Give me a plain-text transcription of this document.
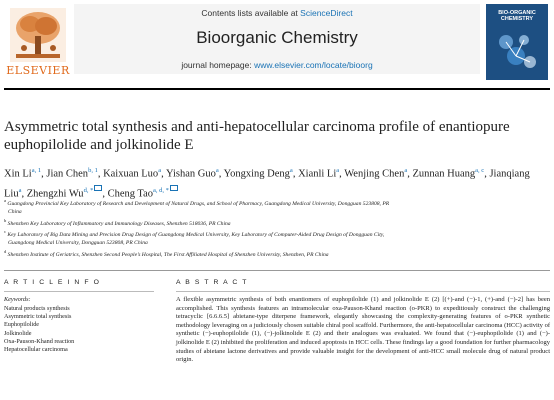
ELSEVIER
Contents lists available at ScienceDirect
Bioorganic Chemistry
journal homepage: www.elsevier.com/locate/bioorg
BIO-ORGANIC CHEMISTRY
Asymmetric total synthesis and anti-hepatocellular carcinoma profile of enantiopure euphopilolide and jolkinolide E
Xin Li$^{a, 1}$, Jian Chen$^{b, 1}$, Kaixuan Luo$^a$, Yishan Guo$^a$, Yongxing Deng$^a$, Xianli Li$^a$, Wenjing Chen$^a$, Zunnan Huang$^{a, c}$, Jianqiang Liu$^a$, Zhengzhi $Wu^{d, *}$ , Cheng Tao$^{a, d, *}$
$^a$ Guangdong Provincial Key Laboratory of Research and Development of Natural Drugs, and School of Pharmacy, Guangdong Medical University, Dongguan 523808, PR
China
$^b$ Shenzhen Key Laboratory of Inflammatory and Immunology Diseases, Shenzhen 518036, PR China
$^c$ Key Laboratory of Big Data Mining and Precision Drug Design of Guangdong Medical University, Key Laboratory of Computer-Aided Drug Design of Dongguan City,
Guangdong Medical University, Dongguan 523808, PR China
$^d$ Shenzhen Institute of Geriatrics, Shenzhen Second People’s Hospital, The First Affiliated Hospital of Shenzhen University, Shenzhen, PR China
A R T I C L E I N F O	A B S T R A C T
Keywords:
Natural products synthesis
Asymmetric total synthesis
Euphopilolide
Jolkinolide
Oxa-Pauson-Khand reaction
Hepatocellular carcinoma

A flexible asymmetric synthesis of both enantiomers of euphopilolide (1) and jolkinolide E (2) [(+)-and (−)-1, (+)-and (−)-2] has been accomplished. This synthesis features an intramolecular oxa-Pauson-Khand reaction (o-PKR) to expeditiously construct the challenging tetracyclic [6.6.6.5] abietane-type diterpene framework, elegantly showcasing the complexity-generating features of o-PKR synthetic methodology leveraging on a judiciously chosen suitable chiral pool scaffold. Furthermore, the anti-hepatocellular carcinoma (HCC) activity of synthetic (−)-euphopilolide (1), (−)-jolkinolide E (2) and their analogues was evaluated. We found that (−)-euphopilolide (1) and (−)-jolkinolide E (2) inhibited the proliferation and induced apoptosis in HCC cells. These findings lay a good foundation for further pharmacology studies of abietane lactone derivatives and provide valuable insight for the development of anti-HCC small molecule drug of natural product origin.
